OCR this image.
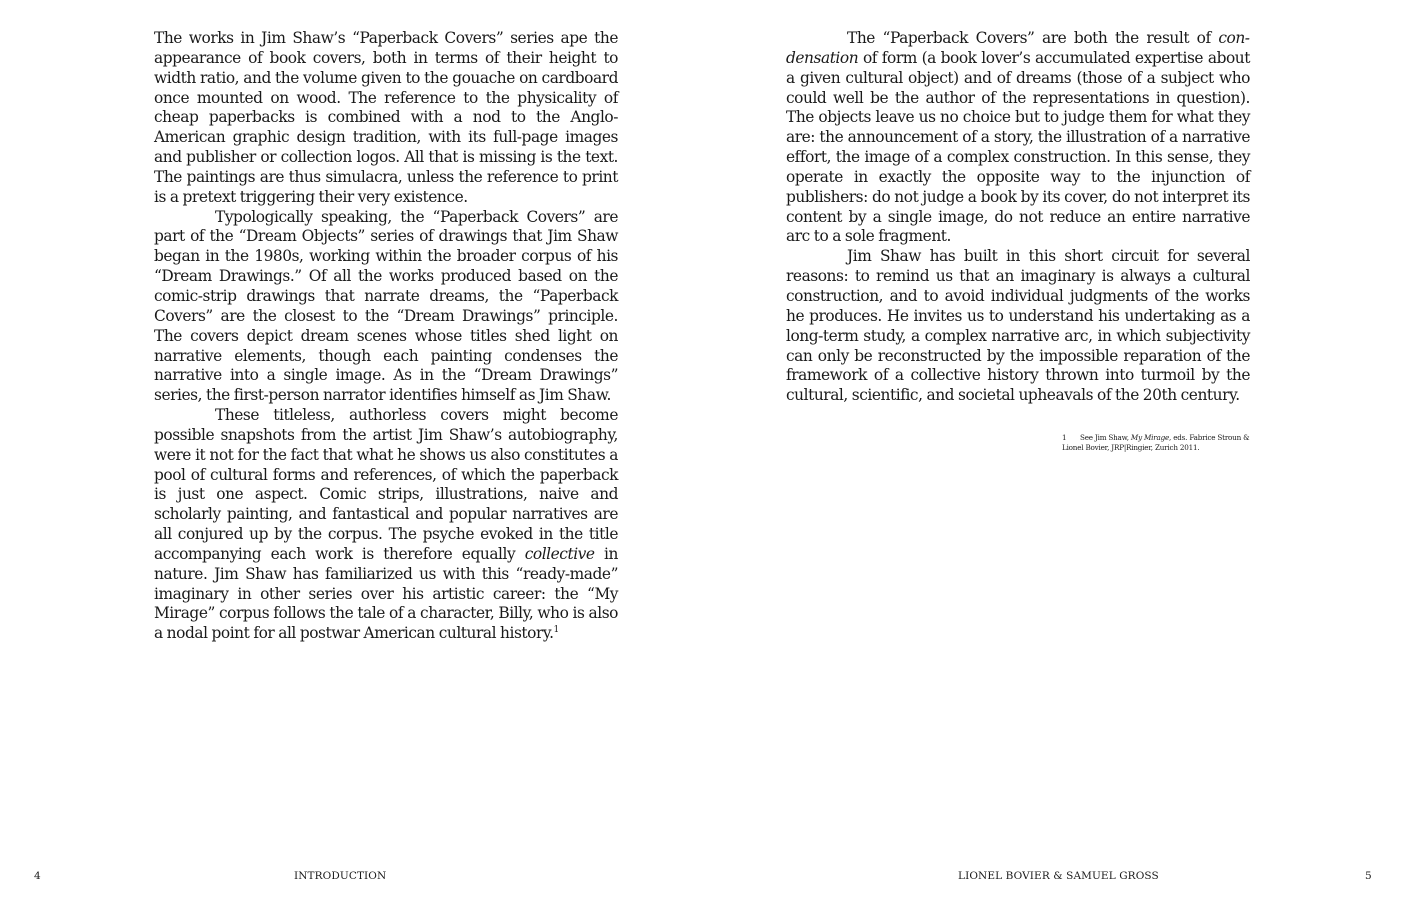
The works in Jim Shaw’s “Paperback Covers” series ape the appearance of book covers, both in terms of their height to width ratio, and the volume given to the gouache on cardboard once mounted on wood. The reference to the physicality of cheap paperbacks is combined with a nod to the Anglo-American graphic design tradition, with its full-page images and publisher or collection logos. All that is missing is the text. The paintings are thus simulacra, unless the reference to print is a pretext triggering their very existence.

Typologically speaking, the “Paperback Covers” are part of the “Dream Objects” series of drawings that Jim Shaw began in the 1980s, working within the broader corpus of his “Dream Drawings.” Of all the works produced based on the comic-strip drawings that narrate dreams, the “Paperback Covers” are the closest to the “Dream Drawings” principle. The covers depict dream scenes whose titles shed light on narrative elements, though each painting condenses the narrative into a single image. As in the “Dream Drawings” series, the first-person narrator identifies himself as Jim Shaw.

These titleless, authorless covers might become possible snapshots from the artist Jim Shaw’s autobiography, were it not for the fact that what he shows us also constitutes a pool of cultural forms and references, of which the paperback is just one aspect. Comic strips, illustrations, naive and scholarly painting, and fantastical and popular narratives are all conjured up by the corpus. The psyche evoked in the title accompanying each work is therefore equally collective in nature. Jim Shaw has familiarized us with this “ready-made” imaginary in other series over his artistic career: the “My Mirage” corpus follows the tale of a character, Billy, who is also a nodal point for all postwar American cultural history.$^1$

The “Paperback Covers” are both the result of condensation of form (a book lover’s accumulated expertise about a given cultural object) and of dreams (those of a subject who could well be the author of the representations in question). The objects leave us no choice but to judge them for what they are: the announcement of a story, the illustration of a narrative effort, the image of a complex construction. In this sense, they operate in exactly the opposite way to the injunction of publishers: do not judge a book by its cover, do not interpret its content by a single image, do not reduce an entire narrative arc to a sole fragment.

Jim Shaw has built in this short circuit for several reasons: to remind us that an imaginary is always a cultural construction, and to avoid individual judgments of the works he produces. He invites us to understand his undertaking as a long-term study, a complex narrative arc, in which subjectivity can only be reconstructed by the impossible reparation of the framework of a collective history thrown into turmoil by the cultural, scientific, and societal upheavals of the 20th century.

1 See Jim Shaw, My Mirage, eds. Fabrice Stroun & Lionel Bovier, JRP|Ringier, Zurich 2011.
4	INTRODUCTION	LIONEL BOVIER & SAMUEL GROSS	5
